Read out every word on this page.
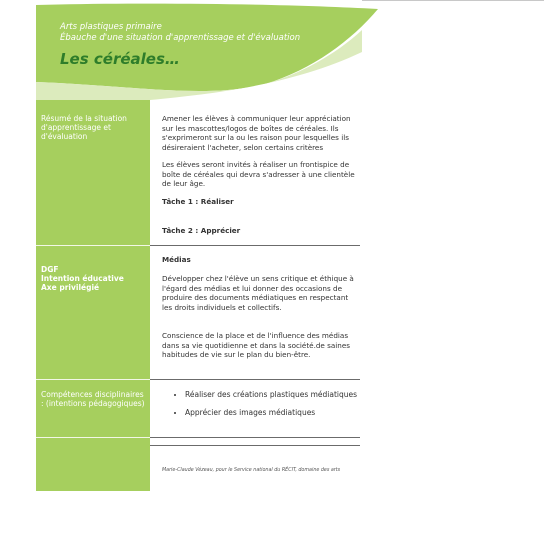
Arts plastiques primaire
Ébauche d'une situation d'apprentissage et d'évaluation
Les céréales…
Résumé de la situation d'apprentissage et d'évaluation
Amener les élèves à communiquer leur appréciation sur les mascottes/logos de boîtes de céréales. Ils s'exprimeront sur la ou les raison pour lesquelles ils désireraient l'acheter, selon certains critères
Les élèves seront invités à réaliser un frontispice de boîte de céréales qui devra s'adresser à une clientèle de leur âge.
Tâche 1 : Réaliser
Tâche 2 : Apprécier
DGF
Intention éducative
Axe privilégié
Médias
Développer chez l'élève un sens critique et éthique à l'égard des médias et lui donner des occasions de produire des documents médiatiques en respectant les droits individuels et collectifs.
Conscience de la place et de l'influence des médias dans sa vie quotidienne et dans la société.de saines habitudes de vie sur le plan du bien-être.
Compétences disciplinaires : (intentions pédagogiques)
• Réaliser des créations plastiques médiatiques
• Apprécier des images médiatiques
Marie-Claude Vézeau, pour le Service national du RÉCIT, domaine des arts
